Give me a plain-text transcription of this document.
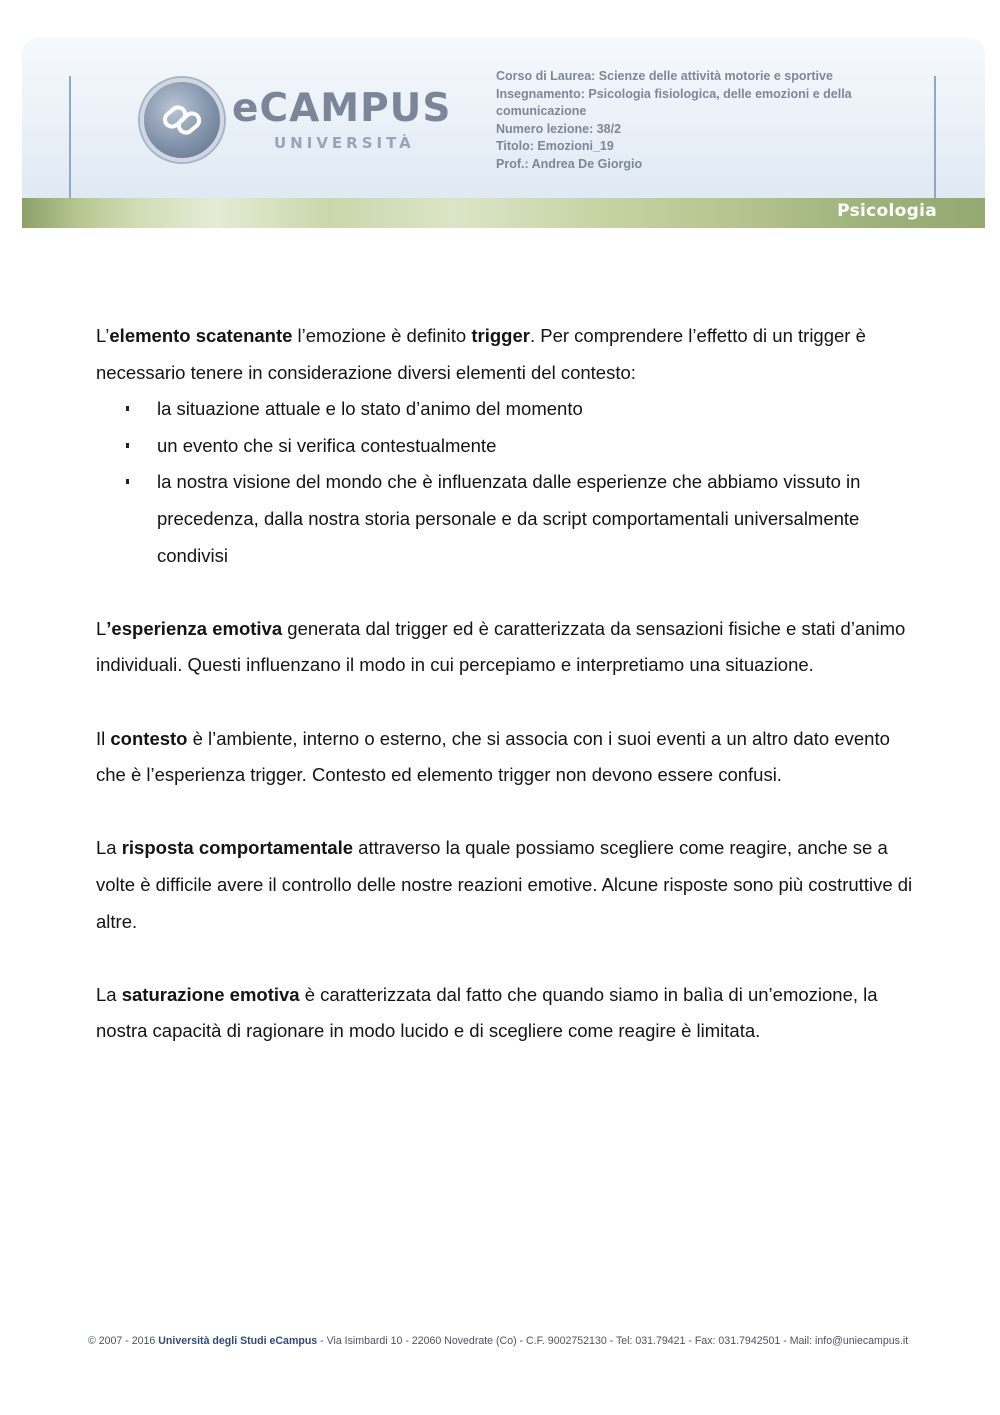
eCAMPUS
UNIVERSITÀ
Corso di Laurea: Scienze delle attività motorie e sportive
Insegnamento: Psicologia fisiologica, delle emozioni e della
comunicazione
Numero lezione: 38/2
Titolo: Emozioni_19
Prof.: Andrea De Giorgio
Psicologia

L’elemento scatenante l’emozione è definito trigger. Per comprendere l’effetto di un trigger è necessario tenere in considerazione diversi elementi del contesto:

la situazione attuale e lo stato d’animo del momento
un evento che si verifica contestualmente
la nostra visione del mondo che è influenzata dalle esperienze che abbiamo vissuto in precedenza, dalla nostra storia personale e da script comportamentali universalmente condivisi

L’esperienza emotiva generata dal trigger ed è caratterizzata da sensazioni fisiche e stati d’animo individuali. Questi influenzano il modo in cui percepiamo e interpretiamo una situazione.

Il contesto è l’ambiente, interno o esterno, che si associa con i suoi eventi a un altro dato evento che è l’esperienza trigger. Contesto ed elemento trigger non devono essere confusi.

La risposta comportamentale attraverso la quale possiamo scegliere come reagire, anche se a volte è difficile avere il controllo delle nostre reazioni emotive. Alcune risposte sono più costruttive di altre.

La saturazione emotiva è caratterizzata dal fatto che quando siamo in balìa di un’emozione, la nostra capacità di ragionare in modo lucido e di scegliere come reagire è limitata.

© 2007 - 2016 Università degli Studi eCampus - Via Isimbardi 10 - 22060 Novedrate (Co) - C.F. 9002752130 - Tel: 031.79421 - Fax: 031.7942501 - Mail: info@uniecampus.it
